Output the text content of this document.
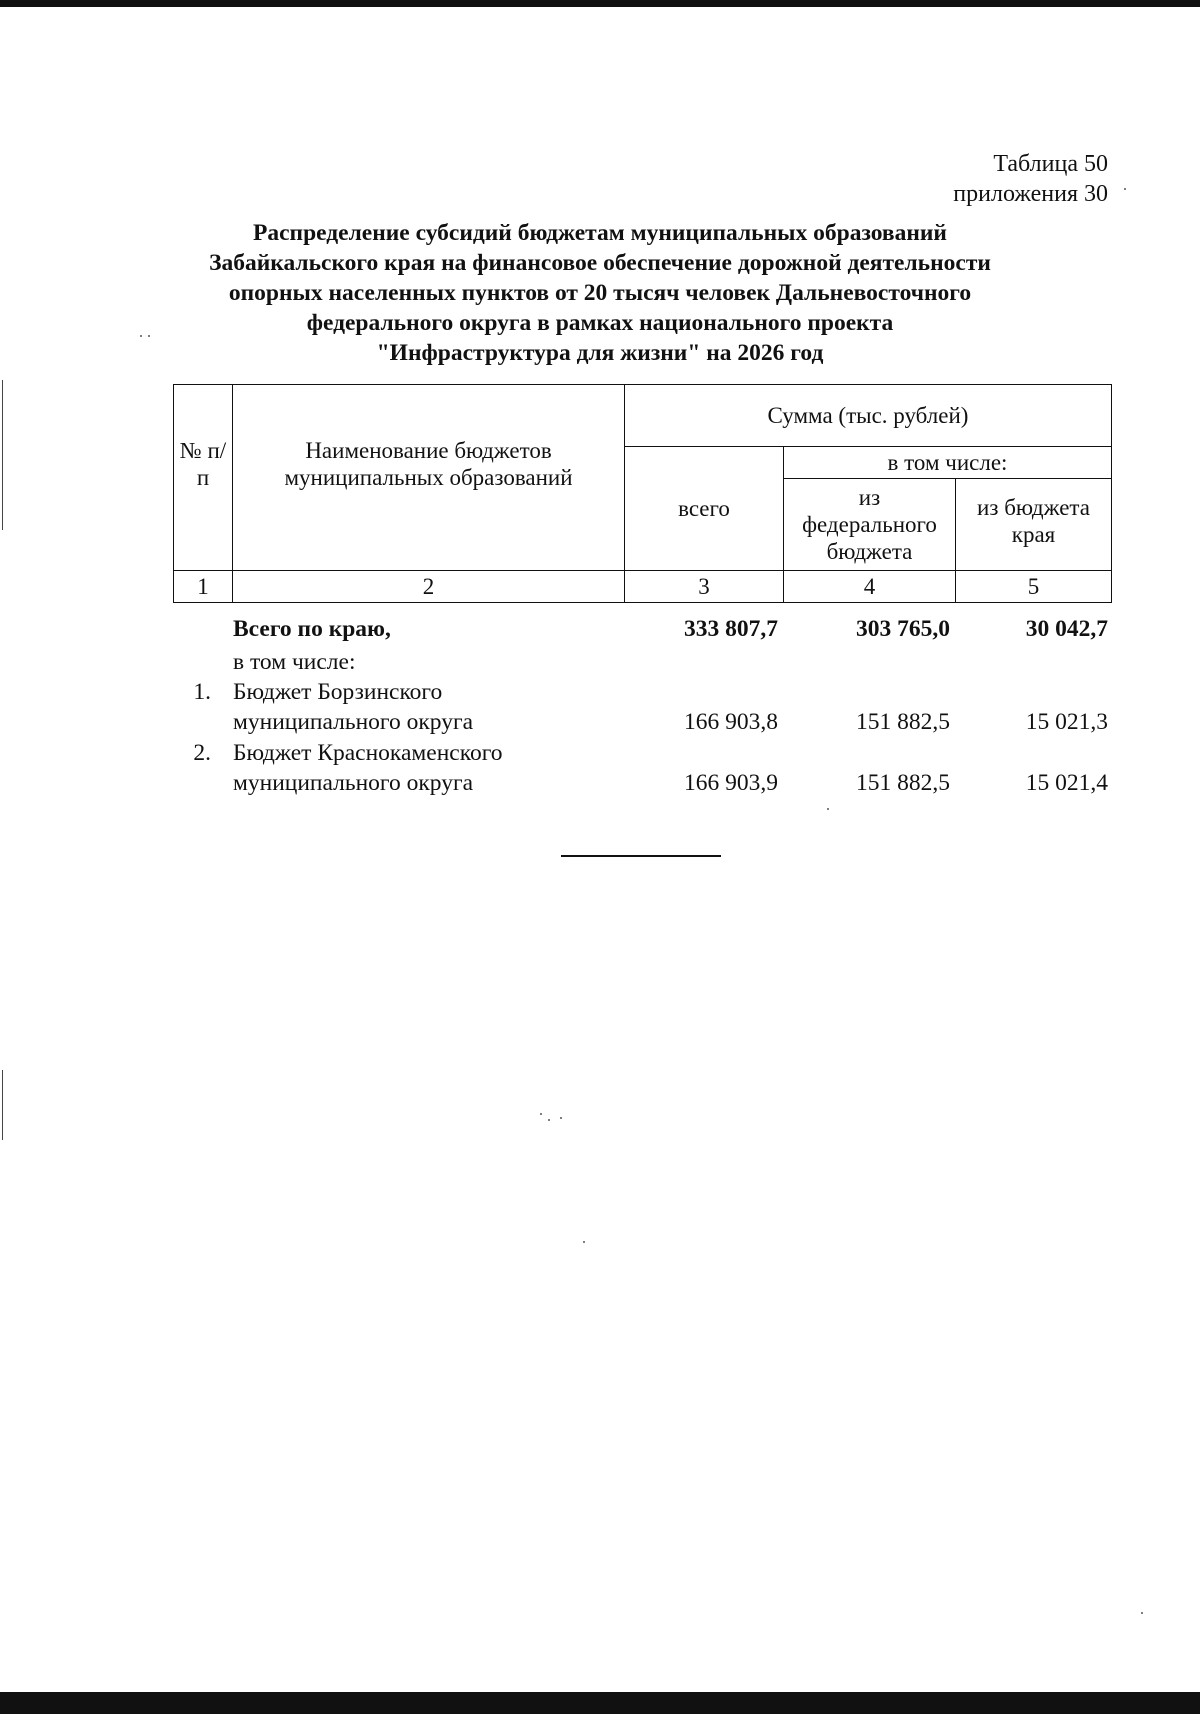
Таблица 50
приложения 30
Распределение субсидий бюджетам муниципальных образований
Забайкальского края на финансовое обеспечение дорожной деятельности
опорных населенных пунктов от 20 тысяч человек Дальневосточного
федерального округа в рамках национального проекта
"Инфраструктура для жизни" на 2026 год
№ п/п	Наименование бюджетов муниципальных образований	Сумма (тыс. рублей)		
		всего	в том числе:	
			из федерального бюджета	из бюджета края
1	2	3	4	5
Всего по краю,	333 807,7	303 765,0	30 042,7
в том числе:
1. Бюджет Борзинского
муниципального округа	166 903,8	151 882,5	15 021,3
2. Бюджет Краснокаменского
муниципального округа	166 903,9	151 882,5	15 021,4
